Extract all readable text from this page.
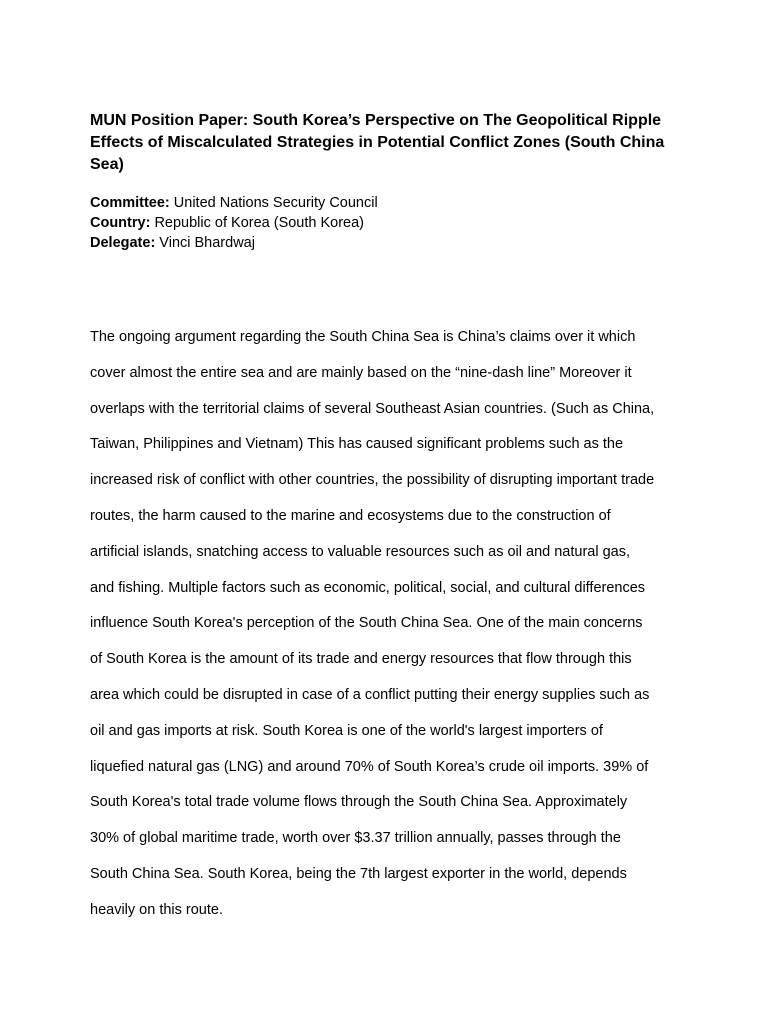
MUN Position Paper: South Korea’s Perspective on The Geopolitical Ripple Effects of Miscalculated Strategies in Potential Conflict Zones (South China Sea)
Committee: United Nations Security Council
Country: Republic of Korea (South Korea)
Delegate: Vinci Bhardwaj

The ongoing argument regarding the South China Sea is China’s claims over it which
cover almost the entire sea and are mainly based on the “nine-dash line” Moreover it
overlaps with the territorial claims of several Southeast Asian countries. (Such as China,
Taiwan, Philippines and Vietnam) This has caused significant problems such as the
increased risk of conflict with other countries, the possibility of disrupting important trade
routes, the harm caused to the marine and ecosystems due to the construction of
artificial islands, snatching access to valuable resources such as oil and natural gas,
and fishing. Multiple factors such as economic, political, social, and cultural differences
influence South Korea's perception of the South China Sea. One of the main concerns
of South Korea is the amount of its trade and energy resources that flow through this
area which could be disrupted in case of a conflict putting their energy supplies such as
oil and gas imports at risk. South Korea is one of the world's largest importers of
liquefied natural gas (LNG) and around 70% of South Korea’s crude oil imports. 39% of
South Korea's total trade volume flows through the South China Sea. Approximately
30% of global maritime trade, worth over $3.37 trillion annually, passes through the
South China Sea. South Korea, being the 7th largest exporter in the world, depends
heavily on this route.
